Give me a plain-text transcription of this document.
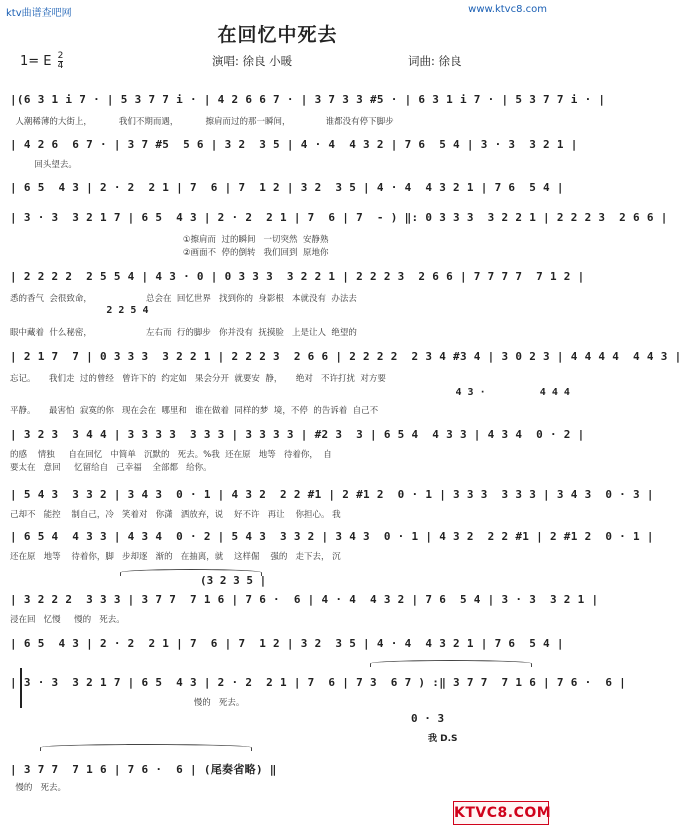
ktv曲谱查吧网	www.ktvc8.com
在回忆中死去
1= E $\frac{2}{4}$	演唱: 徐良 小暖	词曲: 徐良
|(6 3 1 i 7 · | 5 3 7 7 i · | 4 2 6 6 7 · | 3 7 3 3 #5 · | 6 3 1 i 7 · | 5 3 7 7 i · |
人潮稀薄的大街上，          我们不期而遇，          擦肩而过的那一瞬间，             谁都没有停下脚步
| 4 2 6  6 7 · | 3 7 #5  5 6 | 3 2  3 5 | 4 · 4  4 3 2 | 7 6  5 4 | 3 · 3  3 2 1 |
回头望去。
| 6 5  4 3 | 2 · 2  2 1 | 7  6 | 7  1 2 | 3 2  3 5 | 4 · 4  4 3 2 1 | 7 6  5 4 |
| 3 · 3  3 2 1 7 | 6 5  4 3 | 2 · 2  2 1 | 7  6 | 7  - ) ‖: 0 3 3 3  3 2 2 1 | 2 2 2 3  2 6 6 |
①擦肩而  过的瞬间   一切突然  安静熟
②画面不  停的倒转   我们回到  原地你
| 2 2 2 2  2 5 5 4 | 4 3 · 0 | 0 3 3 3  3 2 2 1 | 2 2 2 3  2 6 6 | 7 7 7 7  7 1 2 |
悉的香气  会很致命，                    总会在  回忆世界   找到你的  身影根   本就没有  办法去
2 2 5 4
眼中藏着  什么秘密，                    左右而  行的脚步   你并没有  抚摸脸   上是让人  绝望的
| 2 1 7  7 | 0 3 3 3  3 2 2 1 | 2 2 2 3  2 6 6 | 2 2 2 2  2 3 4 #3 4 | 3 0 2 3 | 4 4 4 4  4 4 3 |
忘记。     我们走  过的曾经   曾许下的  约定如   果会分开  就要安  静，     绝对   不许打扰  对方要
4 3 ·         4 4 4
平静。     最害怕  寂寞的你   现在会在  哪里和   谁在做着  同样的梦  境，不停  的告诉着  自己不
| 3 2 3  3 4 4 | 3 3 3 3  3 3 3 | 3 3 3 3 | #2 3  3 | 6 5 4  4 3 3 | 4 3 4  0 · 2 |
的感    情独     自在回忆   中简单   沉默的   死去。%我  还在原   地等   待着你，  自
要太在   意回     忆留给自   己幸福    全部都   给你。
| 5 4 3  3 3 2 | 3 4 3  0 · 1 | 4 3 2  2 2 #1 | 2 #1 2  0 · 1 | 3 3 3  3 3 3 | 3 4 3  0 · 3 |
己却不   能控    制自己，冷   笑着对   你潇   洒放弃，说    好不许   再让    你担心。 我
| 6 5 4  4 3 3 | 4 3 4  0 · 2 | 5 4 3  3 3 2 | 3 4 3  0 · 1 | 4 3 2  2 2 #1 | 2 #1 2  0 · 1 |
还在原   地等    待着你，脚   步却逐   渐的   在抽离，就    这样倔    强的   走下去， 沉
(3 2 3 5 |
| 3 2 2 2  3 3 3 | 3 7 7  7 1 6 | 7 6 ·  6 | 4 · 4  4 3 2 | 7 6  5 4 | 3 · 3  3 2 1 |
浸在回   忆慢     慢的   死去。
| 6 5  4 3 | 2 · 2  2 1 | 7  6 | 7  1 2 | 3 2  3 5 | 4 · 4  4 3 2 1 | 7 6  5 4 |
| 3 · 3  3 2 1 7 | 6 5  4 3 | 2 · 2  2 1 | 7  6 | 7 3  6 7 ) :‖ 3 7 7  7 1 6 | 7 6 ·  6 |
慢的   死去。
0 · 3
我 D.S
| 3 7 7  7 1 6 | 7 6 ·  6 | (尾奏省略) ‖
慢的   死去。
KTVC8.COM
